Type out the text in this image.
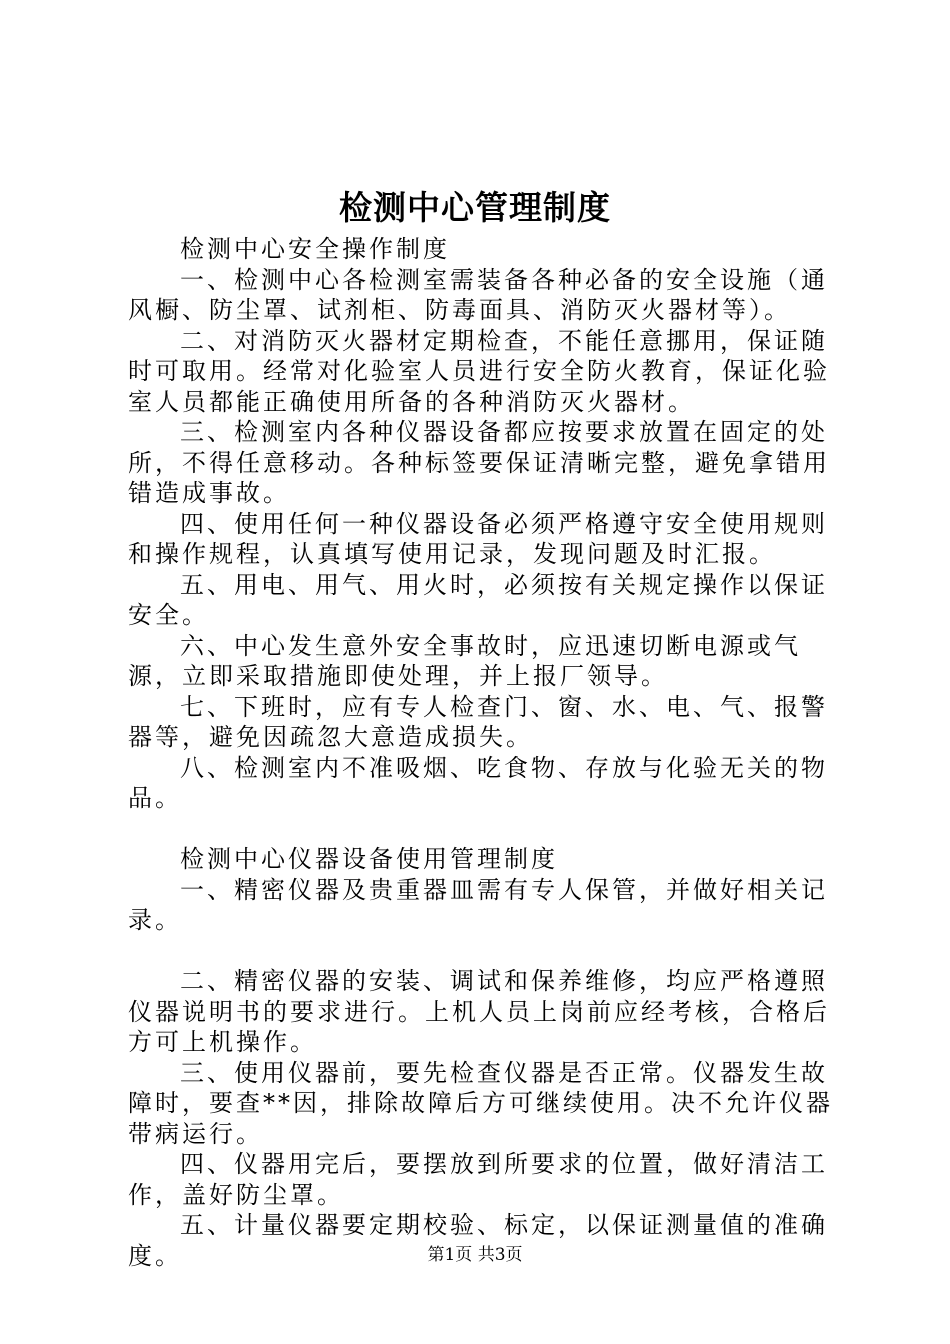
检测中心管理制度

检测中心安全操作制度

一、检测中心各检测室需装备各种必备的安全设施（通风橱、防尘罩、试剂柜、防毒面具、消防灭火器材等）。

二、对消防灭火器材定期检查，不能任意挪用，保证随时可取用。经常对化验室人员进行安全防火教育，保证化验室人员都能正确使用所备的各种消防灭火器材。

三、检测室内各种仪器设备都应按要求放置在固定的处所，不得任意移动。各种标签要保证清晰完整，避免拿错用错造成事故。

四、使用任何一种仪器设备必须严格遵守安全使用规则和操作规程，认真填写使用记录，发现问题及时汇报。

五、用电、用气、用火时，必须按有关规定操作以保证安全。

六、中心发生意外安全事故时，应迅速切断电源或气源，立即采取措施即使处理，并上报厂领导。

七、下班时，应有专人检查门、窗、水、电、气、报警器等，避免因疏忽大意造成损失。

八、检测室内不准吸烟、吃食物、存放与化验无关的物品。

检测中心仪器设备使用管理制度

一、精密仪器及贵重器皿需有专人保管，并做好相关记录。

二、精密仪器的安装、调试和保养维修，均应严格遵照仪器说明书的要求进行。上机人员上岗前应经考核，合格后方可上机操作。

三、使用仪器前，要先检查仪器是否正常。仪器发生故障时，要查**因，排除故障后方可继续使用。决不允许仪器带病运行。

四、仪器用完后，要摆放到所要求的位置，做好清洁工作，盖好防尘罩。

五、计量仪器要定期校验、标定，以保证测量值的准确度。	第1页 共3页
